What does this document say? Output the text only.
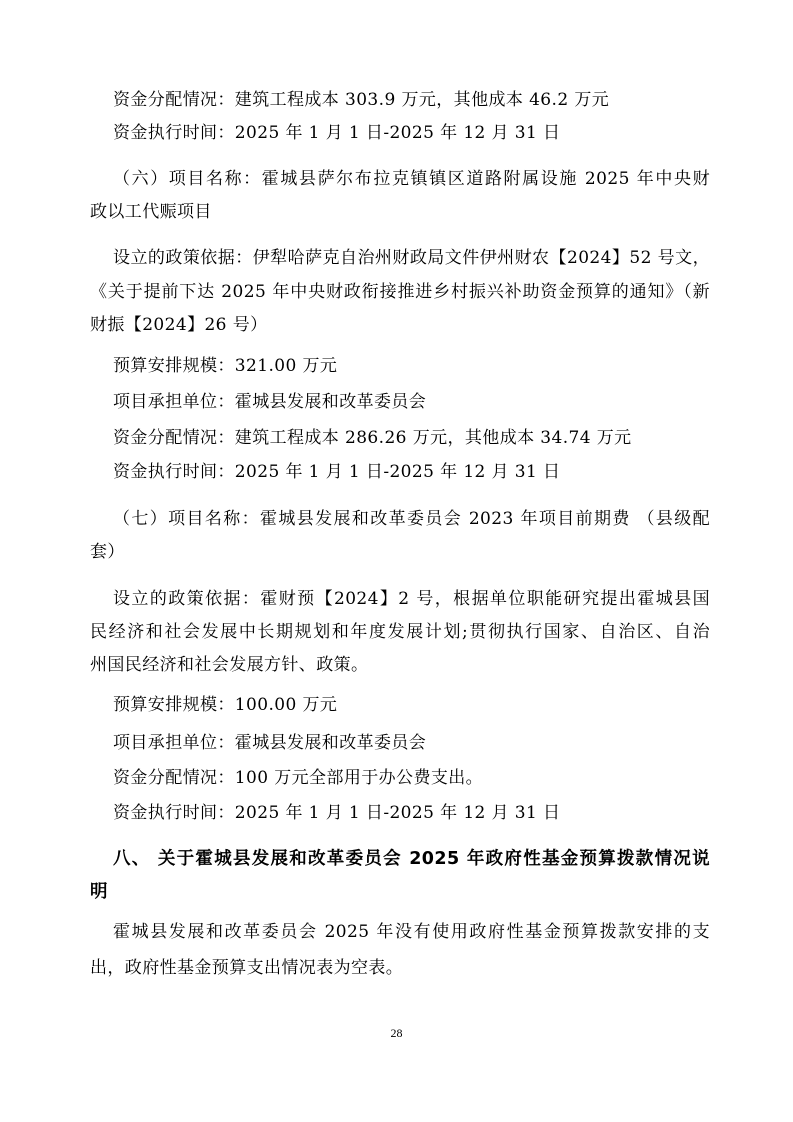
资金分配情况：建筑工程成本 303.9 万元，其他成本 46.2 万元
资金执行时间：2025 年 1 月 1 日-2025 年 12 月 31 日
（六）项目名称：霍城县萨尔布拉克镇镇区道路附属设施 2025 年中央财
政以工代赈项目
设立的政策依据：伊犁哈萨克自治州财政局文件伊州财农【2024】52 号文，
《关于提前下达 2025 年中央财政衔接推进乡村振兴补助资金预算的通知》（新
财振【2024】26 号）
预算安排规模：321.00 万元
项目承担单位：霍城县发展和改革委员会
资金分配情况：建筑工程成本 286.26 万元，其他成本 34.74 万元
资金执行时间：2025 年 1 月 1 日-2025 年 12 月 31 日
（七）项目名称：霍城县发展和改革委员会 2023 年项目前期费 （县级配
套）
设立的政策依据：霍财预【2024】2 号，根据单位职能研究提出霍城县国
民经济和社会发展中长期规划和年度发展计划;贯彻执行国家、自治区、自治
州国民经济和社会发展方针、政策。
预算安排规模：100.00 万元
项目承担单位：霍城县发展和改革委员会
资金分配情况：100 万元全部用于办公费支出。
资金执行时间：2025 年 1 月 1 日-2025 年 12 月 31 日
八、 关于霍城县发展和改革委员会 2025 年政府性基金预算拨款情况说
明
霍城县发展和改革委员会 2025 年没有使用政府性基金预算拨款安排的支
出，政府性基金预算支出情况表为空表。
28
